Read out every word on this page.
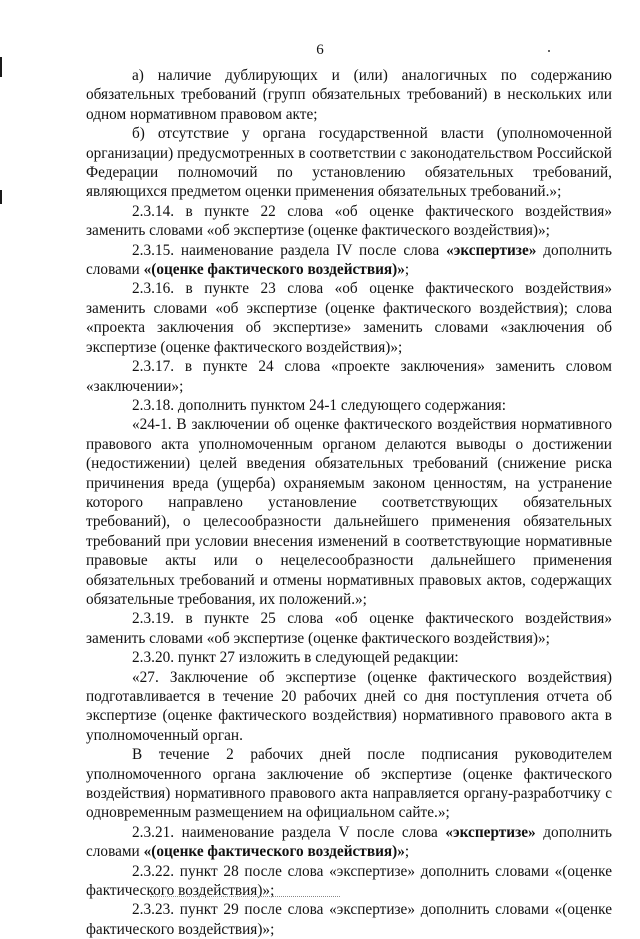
6

а) наличие дублирующих и (или) аналогичных по содержанию обязательных требований (групп обязательных требований) в нескольких или одном нормативном правовом акте;

б) отсутствие у органа государственной власти (уполномоченной организации) предусмотренных в соответствии с законодательством Российской Федерации полномочий по установлению обязательных требований, являющихся предметом оценки применения обязательных требований.»;

2.3.14. в пункте 22 слова «об оценке фактического воздействия» заменить словами «об экспертизе (оценке фактического воздействия)»;

2.3.15. наименование раздела IV после слова «экспертизе» дополнить словами «(оценке фактического воздействия)»;

2.3.16. в пункте 23 слова «об оценке фактического воздействия» заменить словами «об экспертизе (оценке фактического воздействия); слова «проекта заключения об экспертизе» заменить словами «заключения об экспертизе (оценке фактического воздействия)»;

2.3.17. в пункте 24 слова «проекте заключения» заменить словом «заключении»;

2.3.18. дополнить пунктом 24-1 следующего содержания:

«24-1. В заключении об оценке фактического воздействия нормативного правового акта уполномоченным органом делаются выводы о достижении (недостижении) целей введения обязательных требований (снижение риска причинения вреда (ущерба) охраняемым законом ценностям, на устранение которого направлено установление соответствующих обязательных требований), о целесообразности дальнейшего применения обязательных требований при условии внесения изменений в соответствующие нормативные правовые акты или о нецелесообразности дальнейшего применения обязательных требований и отмены нормативных правовых актов, содержащих обязательные требования, их положений.»;

2.3.19. в пункте 25 слова «об оценке фактического воздействия» заменить словами «об экспертизе (оценке фактического воздействия)»;

2.3.20. пункт 27 изложить в следующей редакции:

«27. Заключение об экспертизе (оценке фактического воздействия) подготавливается в течение 20 рабочих дней со дня поступления отчета об экспертизе (оценке фактического воздействия) нормативного правового акта в уполномоченный орган.

В течение 2 рабочих дней после подписания руководителем уполномоченного органа заключение об экспертизе (оценке фактического воздействия) нормативного правового акта направляется органу-разработчику с одновременным размещением на официальном сайте.»;

2.3.21. наименование раздела V после слова «экспертизе» дополнить словами «(оценке фактического воздействия)»;

2.3.22. пункт 28 после слова «экспертизе» дополнить словами «(оценке фактического воздействия)»;

2.3.23. пункт 29 после слова «экспертизе» дополнить словами «(оценке фактического воздействия)»;
